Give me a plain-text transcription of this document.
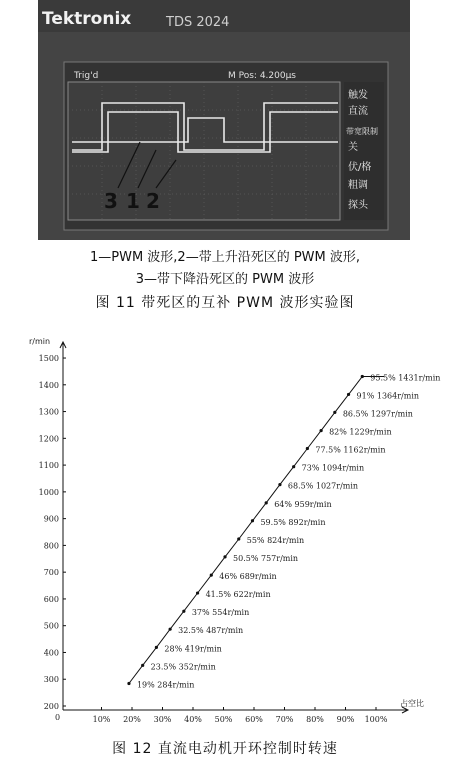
Tektronix	TDS 2024
Trig'd	M Pos: 4.200μs
触发
直流
带宽限制
关
伏/格
粗调
探头
3 1 2
1—PWM 波形,2—带上升沿死区的 PWM 波形,
3—带下降沿死区的 PWM 波形
图 11 带死区的互补 PWM 波形实验图
200
300
400
500
600
700
800
900
1000
1100
1200
1300
1400
1500
10% 20% 30% 40% 50% 60% 70% 80% 90% 100%
19% 284r/min
23.5% 352r/min
28% 419r/min
32.5% 487r/min
37% 554r/min
41.5% 622r/min
46% 689r/min
50.5% 757r/min
55% 824r/min
59.5% 892r/min
64% 959r/min
68.5% 1027r/min
73% 1094r/min
77.5% 1162r/min
82% 1229r/min
86.5% 1297r/min
91% 1364r/min
95.5% 1431r/min
r/min
占空比
0
图 12 直流电动机开环控制时转速
